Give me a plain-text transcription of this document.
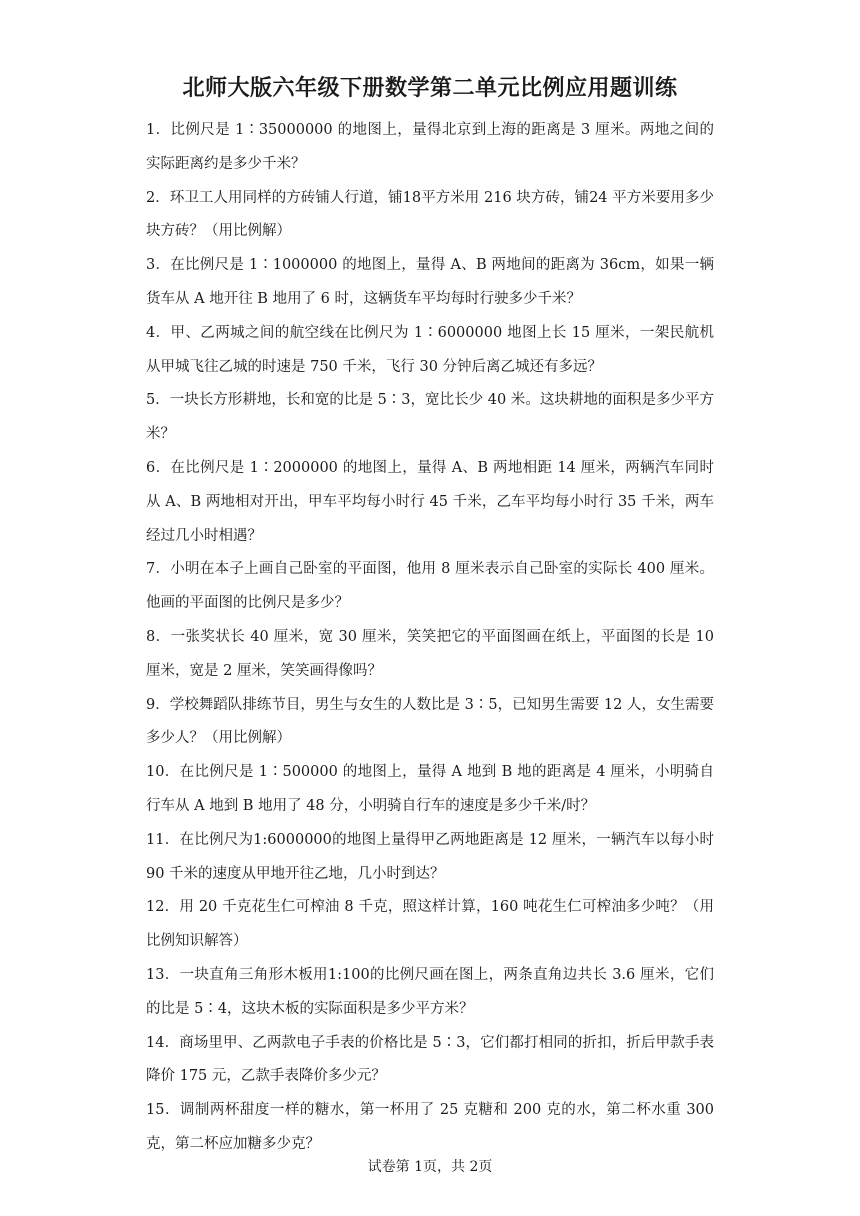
北师大版六年级下册数学第二单元比例应用题训练
1．比例尺是 1∶35000000 的地图上，量得北京到上海的距离是 3 厘米。两地之间的实际距离约是多少千米？
2．环卫工人用同样的方砖铺人行道，铺18平方米用 216 块方砖，铺24 平方米要用多少块方砖？（用比例解）
3．在比例尺是 1∶1000000 的地图上，量得 A、B 两地间的距离为 36cm，如果一辆货车从 A 地开往 B 地用了 6 时，这辆货车平均每时行驶多少千米？
4．甲、乙两城之间的航空线在比例尺为 1∶6000000 地图上长 15 厘米，一架民航机从甲城飞往乙城的时速是 750 千米，飞行 30 分钟后离乙城还有多远？
5．一块长方形耕地，长和宽的比是 5∶3，宽比长少 40 米。这块耕地的面积是多少平方米？
6．在比例尺是 1∶2000000 的地图上，量得 A、B 两地相距 14 厘米，两辆汽车同时从 A、B 两地相对开出，甲车平均每小时行 45 千米，乙车平均每小时行 35 千米，两车经过几小时相遇？
7．小明在本子上画自己卧室的平面图，他用 8 厘米表示自己卧室的实际长 400 厘米。他画的平面图的比例尺是多少？
8．一张奖状长 40 厘米，宽 30 厘米，笑笑把它的平面图画在纸上，平面图的长是 10 厘米，宽是 2 厘米，笑笑画得像吗？
9．学校舞蹈队排练节目，男生与女生的人数比是 3∶5，已知男生需要 12 人，女生需要多少人？（用比例解）
10．在比例尺是 1∶500000 的地图上，量得 A 地到 B 地的距离是 4 厘米，小明骑自行车从 A 地到 B 地用了 48 分，小明骑自行车的速度是多少千米/时？
11．在比例尺为1:6000000的地图上量得甲乙两地距离是 12 厘米，一辆汽车以每小时 90 千米的速度从甲地开往乙地，几小时到达？
12．用 20 千克花生仁可榨油 8 千克，照这样计算，160 吨花生仁可榨油多少吨？（用比例知识解答）
13．一块直角三角形木板用1:100的比例尺画在图上，两条直角边共长 3.6 厘米，它们的比是 5∶4，这块木板的实际面积是多少平方米？
14．商场里甲、乙两款电子手表的价格比是 5∶3，它们都打相同的折扣，折后甲款手表降价 175 元，乙款手表降价多少元？
15．调制两杯甜度一样的糖水，第一杯用了 25 克糖和 200 克的水，第二杯水重 300 克，第二杯应加糖多少克？
试卷第 1页，共 2页
